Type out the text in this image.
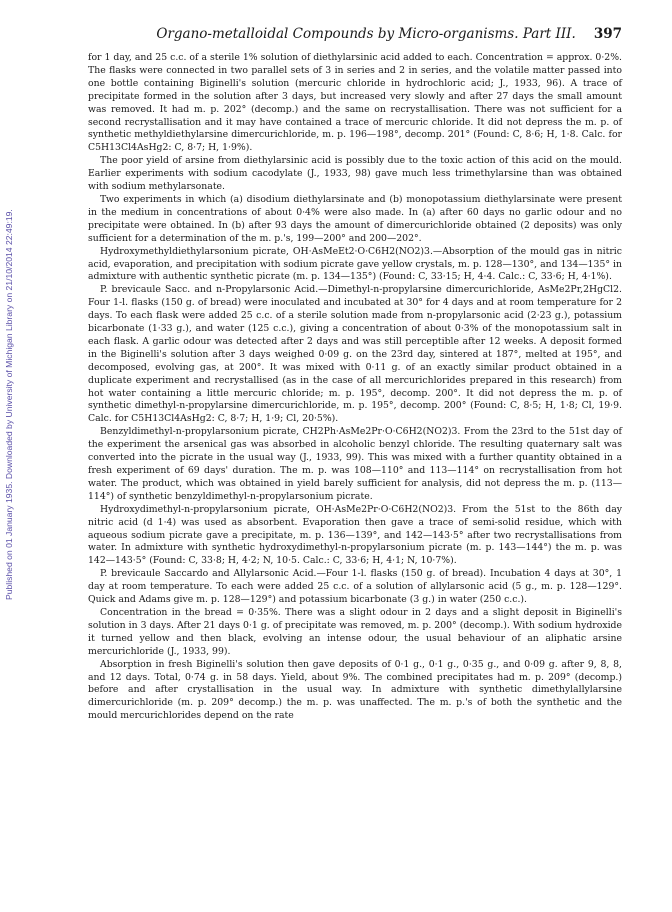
Published on 01 January 1935. Downloaded by University of Michigan Library on 21/10/2014 22:49:19.
Organo-metalloidal Compounds by Micro-organisms. Part III. 397

for 1 day, and 25 c.c. of a sterile 1% solution of diethylarsinic acid added to each. Concentration = approx. 0·2%. The flasks were connected in two parallel sets of 3 in series and 2 in series, and the volatile matter passed into one bottle containing Biginelli's solution (mercuric chloride in hydrochloric acid; J., 1933, 96). A trace of precipitate formed in the solution after 3 days, but increased very slowly and after 27 days the small amount was removed. It had m. p. 202° (decomp.) and the same on recrystallisation. There was not sufficient for a second recrystallisation and it may have contained a trace of mercuric chloride. It did not depress the m. p. of synthetic methyldiethylarsine dimercurichloride, m. p. 196—198°, decomp. 201° (Found: C, 8·6; H, 1·8. Calc. for C5H13Cl4AsHg2: C, 8·7; H, 1·9%).

The poor yield of arsine from diethylarsinic acid is possibly due to the toxic action of this acid on the mould. Earlier experiments with sodium cacodylate (J., 1933, 98) gave much less trimethylarsine than was obtained with sodium methylarsonate.

Two experiments in which (a) disodium diethylarsinate and (b) monopotassium diethylarsinate were present in the medium in concentrations of about 0·4% were also made. In (a) after 60 days no garlic odour and no precipitate were obtained. In (b) after 93 days the amount of dimercurichloride obtained (2 deposits) was only sufficient for a determination of the m. p.'s, 199—200° and 200—202°.

Hydroxymethyldiethylarsonium picrate, OH·AsMeEt2·O·C6H2(NO2)3.—Absorption of the mould gas in nitric acid, evaporation, and precipitation with sodium picrate gave yellow crystals, m. p. 128—130°, and 134—135° in admixture with authentic synthetic picrate (m. p. 134—135°) (Found: C, 33·15; H, 4·4. Calc.: C, 33·6; H, 4·1%).

P. brevicaule Sacc. and n-Propylarsonic Acid.—Dimethyl-n-propylarsine dimercurichloride, AsMe2Pr,2HgCl2. Four 1-l. flasks (150 g. of bread) were inoculated and incubated at 30° for 4 days and at room temperature for 2 days. To each flask were added 25 c.c. of a sterile solution made from n-propylarsonic acid (2·23 g.), potassium bicarbonate (1·33 g.), and water (125 c.c.), giving a concentration of about 0·3% of the monopotassium salt in each flask. A garlic odour was detected after 2 days and was still perceptible after 12 weeks. A deposit formed in the Biginelli's solution after 3 days weighed 0·09 g. on the 23rd day, sintered at 187°, melted at 195°, and decomposed, evolving gas, at 200°. It was mixed with 0·11 g. of an exactly similar product obtained in a duplicate experiment and recrystallised (as in the case of all mercurichlorides prepared in this research) from hot water containing a little mercuric chloride; m. p. 195°, decomp. 200°. It did not depress the m. p. of synthetic dimethyl-n-propylarsine dimercurichloride, m. p. 195°, decomp. 200° (Found: C, 8·5; H, 1·8; Cl, 19·9. Calc. for C5H13Cl4AsHg2: C, 8·7; H, 1·9; Cl, 20·5%).

Benzyldimethyl-n-propylarsonium picrate, CH2Ph·AsMe2Pr·O·C6H2(NO2)3. From the 23rd to the 51st day of the experiment the arsenical gas was absorbed in alcoholic benzyl chloride. The resulting quaternary salt was converted into the picrate in the usual way (J., 1933, 99). This was mixed with a further quantity obtained in a fresh experiment of 69 days' duration. The m. p. was 108—110° and 113—114° on recrystallisation from hot water. The product, which was obtained in yield barely sufficient for analysis, did not depress the m. p. (113—114°) of synthetic benzyldimethyl-n-propylarsonium picrate.

Hydroxydimethyl-n-propylarsonium picrate, OH·AsMe2Pr·O·C6H2(NO2)3. From the 51st to the 86th day nitric acid (d 1·4) was used as absorbent. Evaporation then gave a trace of semi-solid residue, which with aqueous sodium picrate gave a precipitate, m. p. 136—139°, and 142—143·5° after two recrystallisations from water. In admixture with synthetic hydroxydimethyl-n-propylarsonium picrate (m. p. 143—144°) the m. p. was 142—143·5° (Found: C, 33·8; H, 4·2; N, 10·5. Calc.: C, 33·6; H, 4·1; N, 10·7%).

P. brevicaule Saccardo and Allylarsonic Acid.—Four 1-l. flasks (150 g. of bread). Incubation 4 days at 30°, 1 day at room temperature. To each were added 25 c.c. of a solution of allylarsonic acid (5 g., m. p. 128—129°. Quick and Adams give m. p. 128—129°) and potassium bicarbonate (3 g.) in water (250 c.c.).

Concentration in the bread = 0·35%. There was a slight odour in 2 days and a slight deposit in Biginelli's solution in 3 days. After 21 days 0·1 g. of precipitate was removed, m. p. 200° (decomp.). With sodium hydroxide it turned yellow and then black, evolving an intense odour, the usual behaviour of an aliphatic arsine mercurichloride (J., 1933, 99).

Absorption in fresh Biginelli's solution then gave deposits of 0·1 g., 0·1 g., 0·35 g., and 0·09 g. after 9, 8, 8, and 12 days. Total, 0·74 g. in 58 days. Yield, about 9%. The combined precipitates had m. p. 209° (decomp.) before and after crystallisation in the usual way. In admixture with synthetic dimethylallylarsine dimercurichloride (m. p. 209° decomp.) the m. p. was unaffected. The m. p.'s of both the synthetic and the mould mercurichlorides depend on the rate
